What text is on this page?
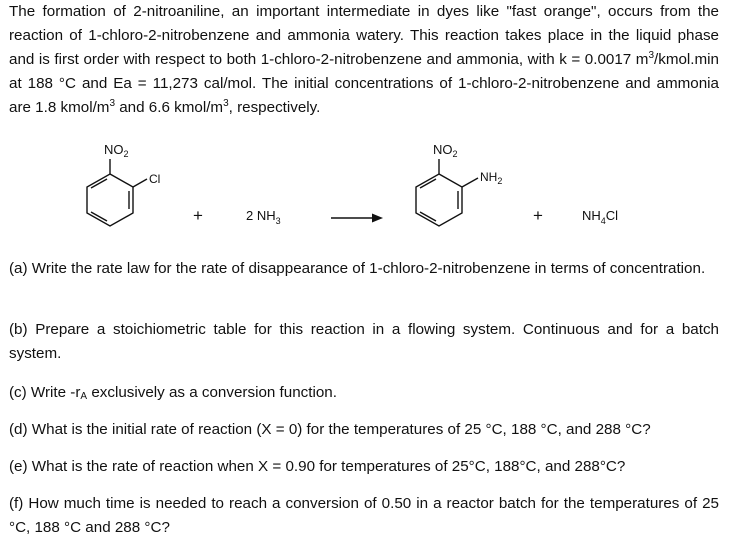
The formation of 2-nitroaniline, an important intermediate in dyes like "fast orange", occurs from the reaction of 1-chloro-2-nitrobenzene and ammonia watery. This reaction takes place in the liquid phase and is first order with respect to both 1-chloro-2-nitrobenzene and ammonia, with k = 0.0017 $m^3/kmol.\min$ at 188 °C and Ea = 11,273 cal/mol. The initial concentrations of 1-chloro-2-nitrobenzene and ammonia are 1.8 kmol/$m^3$ and 6.6 kmol/$m^3$, respectively.

$NO_2$
Cl
+	2 $NH_3$
$NO_2$
$NH_2$
+	$NH_4Cl$

(a) Write the rate law for the rate of disappearance of 1-chloro-2-nitrobenzene in terms of concentration.

(b) Prepare a stoichiometric table for this reaction in a flowing system. Continuous and for a batch system.

(c) Write $-r_A$ exclusively as a conversion function.

(d) What is the initial rate of reaction (X = 0) for the temperatures of 25 °C, 188 °C, and 288 °C?

(e) What is the rate of reaction when X = 0.90 for temperatures of 25°C, 188°C, and 288°C?

(f) How much time is needed to reach a conversion of 0.50 in a reactor batch for the temperatures of 25 °C, 188 °C and 288 °C?
